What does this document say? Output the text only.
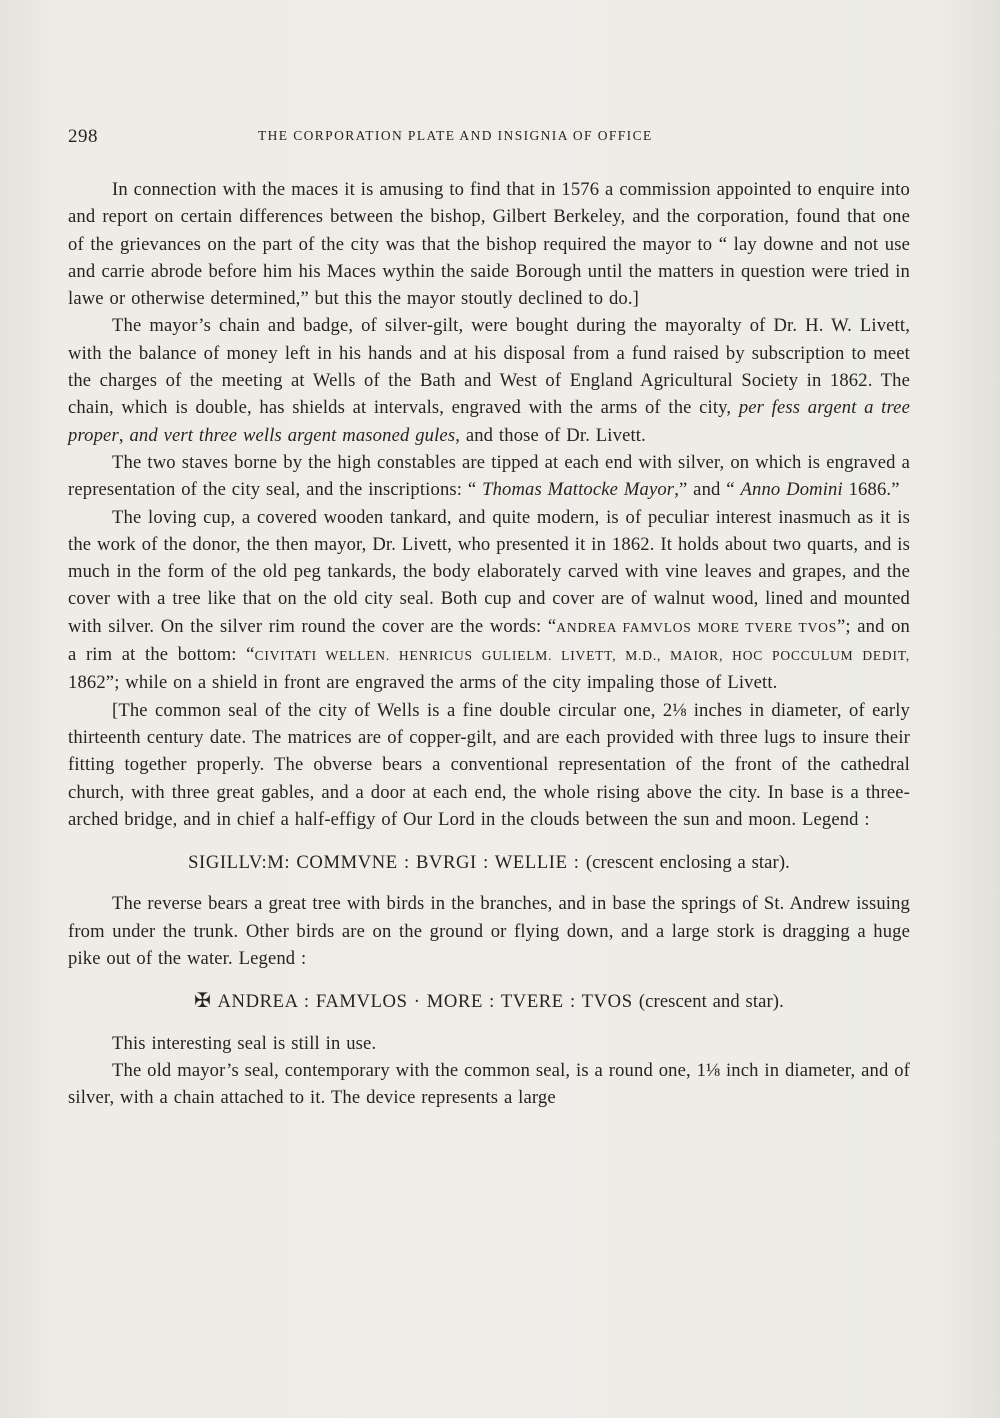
298	THE CORPORATION PLATE AND INSIGNIA OF OFFICE

In connection with the maces it is amusing to find that in 1576 a commission appointed to enquire into and report on certain differences between the bishop, Gilbert Berkeley, and the corporation, found that one of the grievances on the part of the city was that the bishop required the mayor to “ lay downe and not use and carrie abrode before him his Maces wythin the saide Borough until the matters in question were tried in lawe or otherwise determined,” but this the mayor stoutly declined to do.]

The mayor’s chain and badge, of silver-gilt, were bought during the mayoralty of Dr. H. W. Livett, with the balance of money left in his hands and at his disposal from a fund raised by subscription to meet the charges of the meeting at Wells of the Bath and West of England Agricultural Society in 1862. The chain, which is double, has shields at intervals, engraved with the arms of the city, per fess argent a tree proper, and vert three wells argent masoned gules, and those of Dr. Livett.

The two staves borne by the high constables are tipped at each end with silver, on which is engraved a representation of the city seal, and the inscriptions: “ Thomas Mattocke Mayor,” and “ Anno Domini 1686.”

The loving cup, a covered wooden tankard, and quite modern, is of peculiar interest inasmuch as it is the work of the donor, the then mayor, Dr. Livett, who presented it in 1862. It holds about two quarts, and is much in the form of the old peg tankards, the body elaborately carved with vine leaves and grapes, and the cover with a tree like that on the old city seal. Both cup and cover are of walnut wood, lined and mounted with silver. On the silver rim round the cover are the words: “ANDREA FAMVLOS MORE TVERE TVOS”; and on a rim at the bottom: “CIVITATI WELLEN. HENRICUS GULIELM. LIVETT, M.D., MAIOR, HOC POCCULUM DEDIT, 1862”; while on a shield in front are engraved the arms of the city impaling those of Livett.

[The common seal of the city of Wells is a fine double circular one, 2⅛ inches in diameter, of early thirteenth century date. The matrices are of copper-gilt, and are each provided with three lugs to insure their fitting together properly. The obverse bears a conventional representation of the front of the cathedral church, with three great gables, and a door at each end, the whole rising above the city. In base is a three-arched bridge, and in chief a half-effigy of Our Lord in the clouds between the sun and moon. Legend :

SIGILLV:M: COMMVNE : BVRGI : WELLIE : (crescent enclosing a star).

The reverse bears a great tree with birds in the branches, and in base the springs of St. Andrew issuing from under the trunk. Other birds are on the ground or flying down, and a large stork is dragging a huge pike out of the water. Legend :

✠ ANDREA : FAMVLOS · MORE : TVERE : TVOS (crescent and star).

This interesting seal is still in use.

The old mayor’s seal, contemporary with the common seal, is a round one, 1⅛ inch in diameter, and of silver, with a chain attached to it. The device represents a large
